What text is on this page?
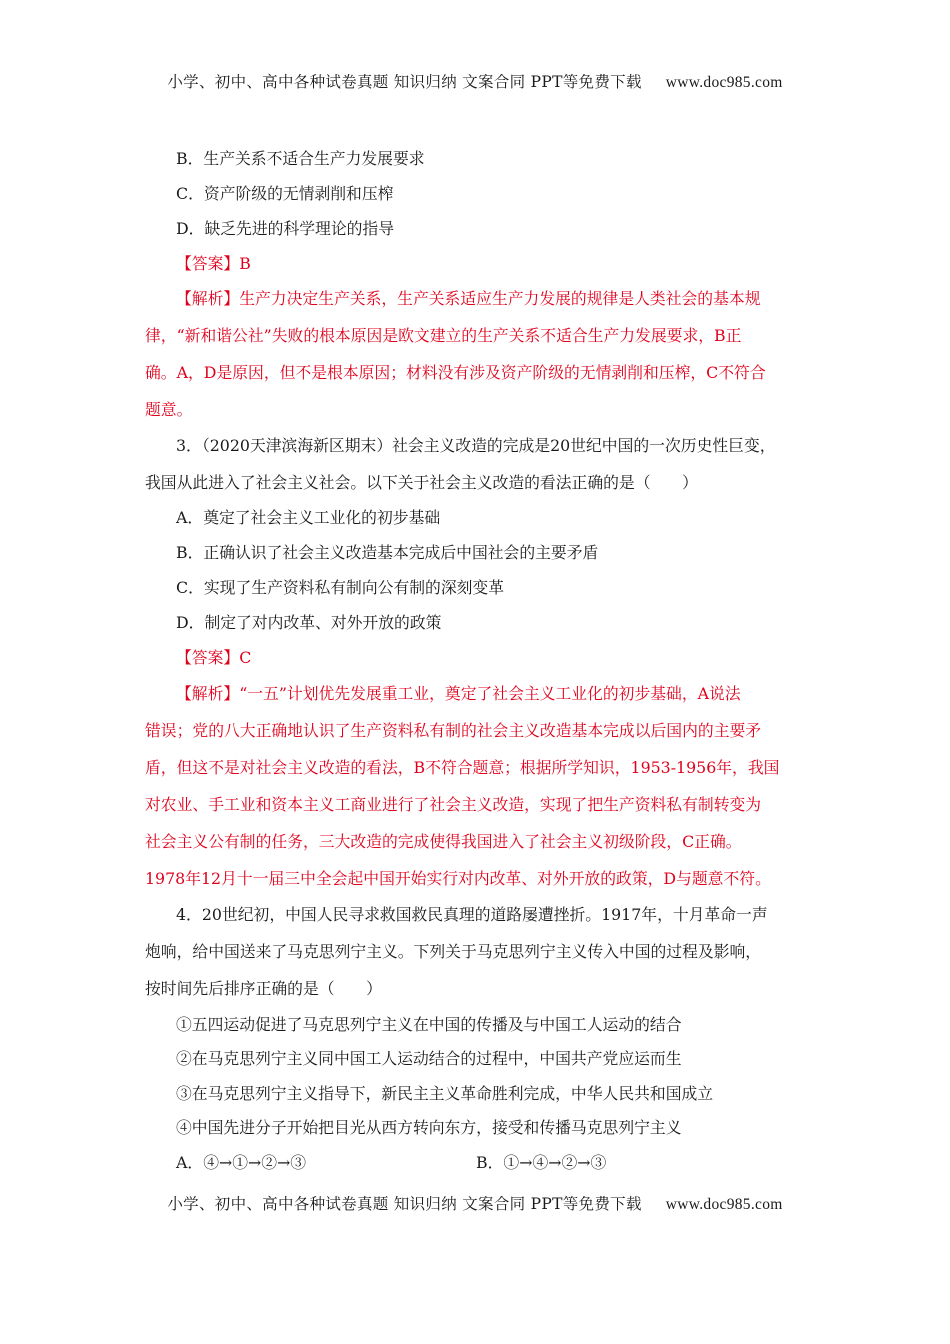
小学、初中、高中各种试卷真题 知识归纳 文案合同 PPT等免费下载 www.doc985.com
B．生产关系不适合生产力发展要求
C．资产阶级的无情剥削和压榨
D．缺乏先进的科学理论的指导
【答案】B
【解析】生产力决定生产关系，生产关系适应生产力发展的规律是人类社会的基本规
律，“新和谐公社”失败的根本原因是欧文建立的生产关系不适合生产力发展要求，B正
确。A，D是原因，但不是根本原因；材料没有涉及资产阶级的无情剥削和压榨，C不符合
题意。
3．（2020天津滨海新区期末）社会主义改造的完成是20世纪中国的一次历史性巨变，
我国从此进入了社会主义社会。以下关于社会主义改造的看法正确的是（　　）
A．奠定了社会主义工业化的初步基础
B．正确认识了社会主义改造基本完成后中国社会的主要矛盾
C．实现了生产资料私有制向公有制的深刻变革
D．制定了对内改革、对外开放的政策
【答案】C
【解析】“一五”计划优先发展重工业，奠定了社会主义工业化的初步基础，A说法
错误；党的八大正确地认识了生产资料私有制的社会主义改造基本完成以后国内的主要矛
盾，但这不是对社会主义改造的看法，B不符合题意；根据所学知识，1953-1956年，我国
对农业、手工业和资本主义工商业进行了社会主义改造，实现了把生产资料私有制转变为
社会主义公有制的任务，三大改造的完成使得我国进入了社会主义初级阶段，C正确。
1978年12月十一届三中全会起中国开始实行对内改革、对外开放的政策，D与题意不符。
4．20世纪初，中国人民寻求救国救民真理的道路屡遭挫折。1917年，十月革命一声
炮响，给中国送来了马克思列宁主义。下列关于马克思列宁主义传入中国的过程及影响，
按时间先后排序正确的是（　　）
①五四运动促进了马克思列宁主义在中国的传播及与中国工人运动的结合
②在马克思列宁主义同中国工人运动结合的过程中，中国共产党应运而生
③在马克思列宁主义指导下，新民主主义革命胜利完成，中华人民共和国成立
④中国先进分子开始把目光从西方转向东方，接受和传播马克思列宁主义
A．④→①→②→③	B．①→④→②→③
小学、初中、高中各种试卷真题 知识归纳 文案合同 PPT等免费下载 www.doc985.com
